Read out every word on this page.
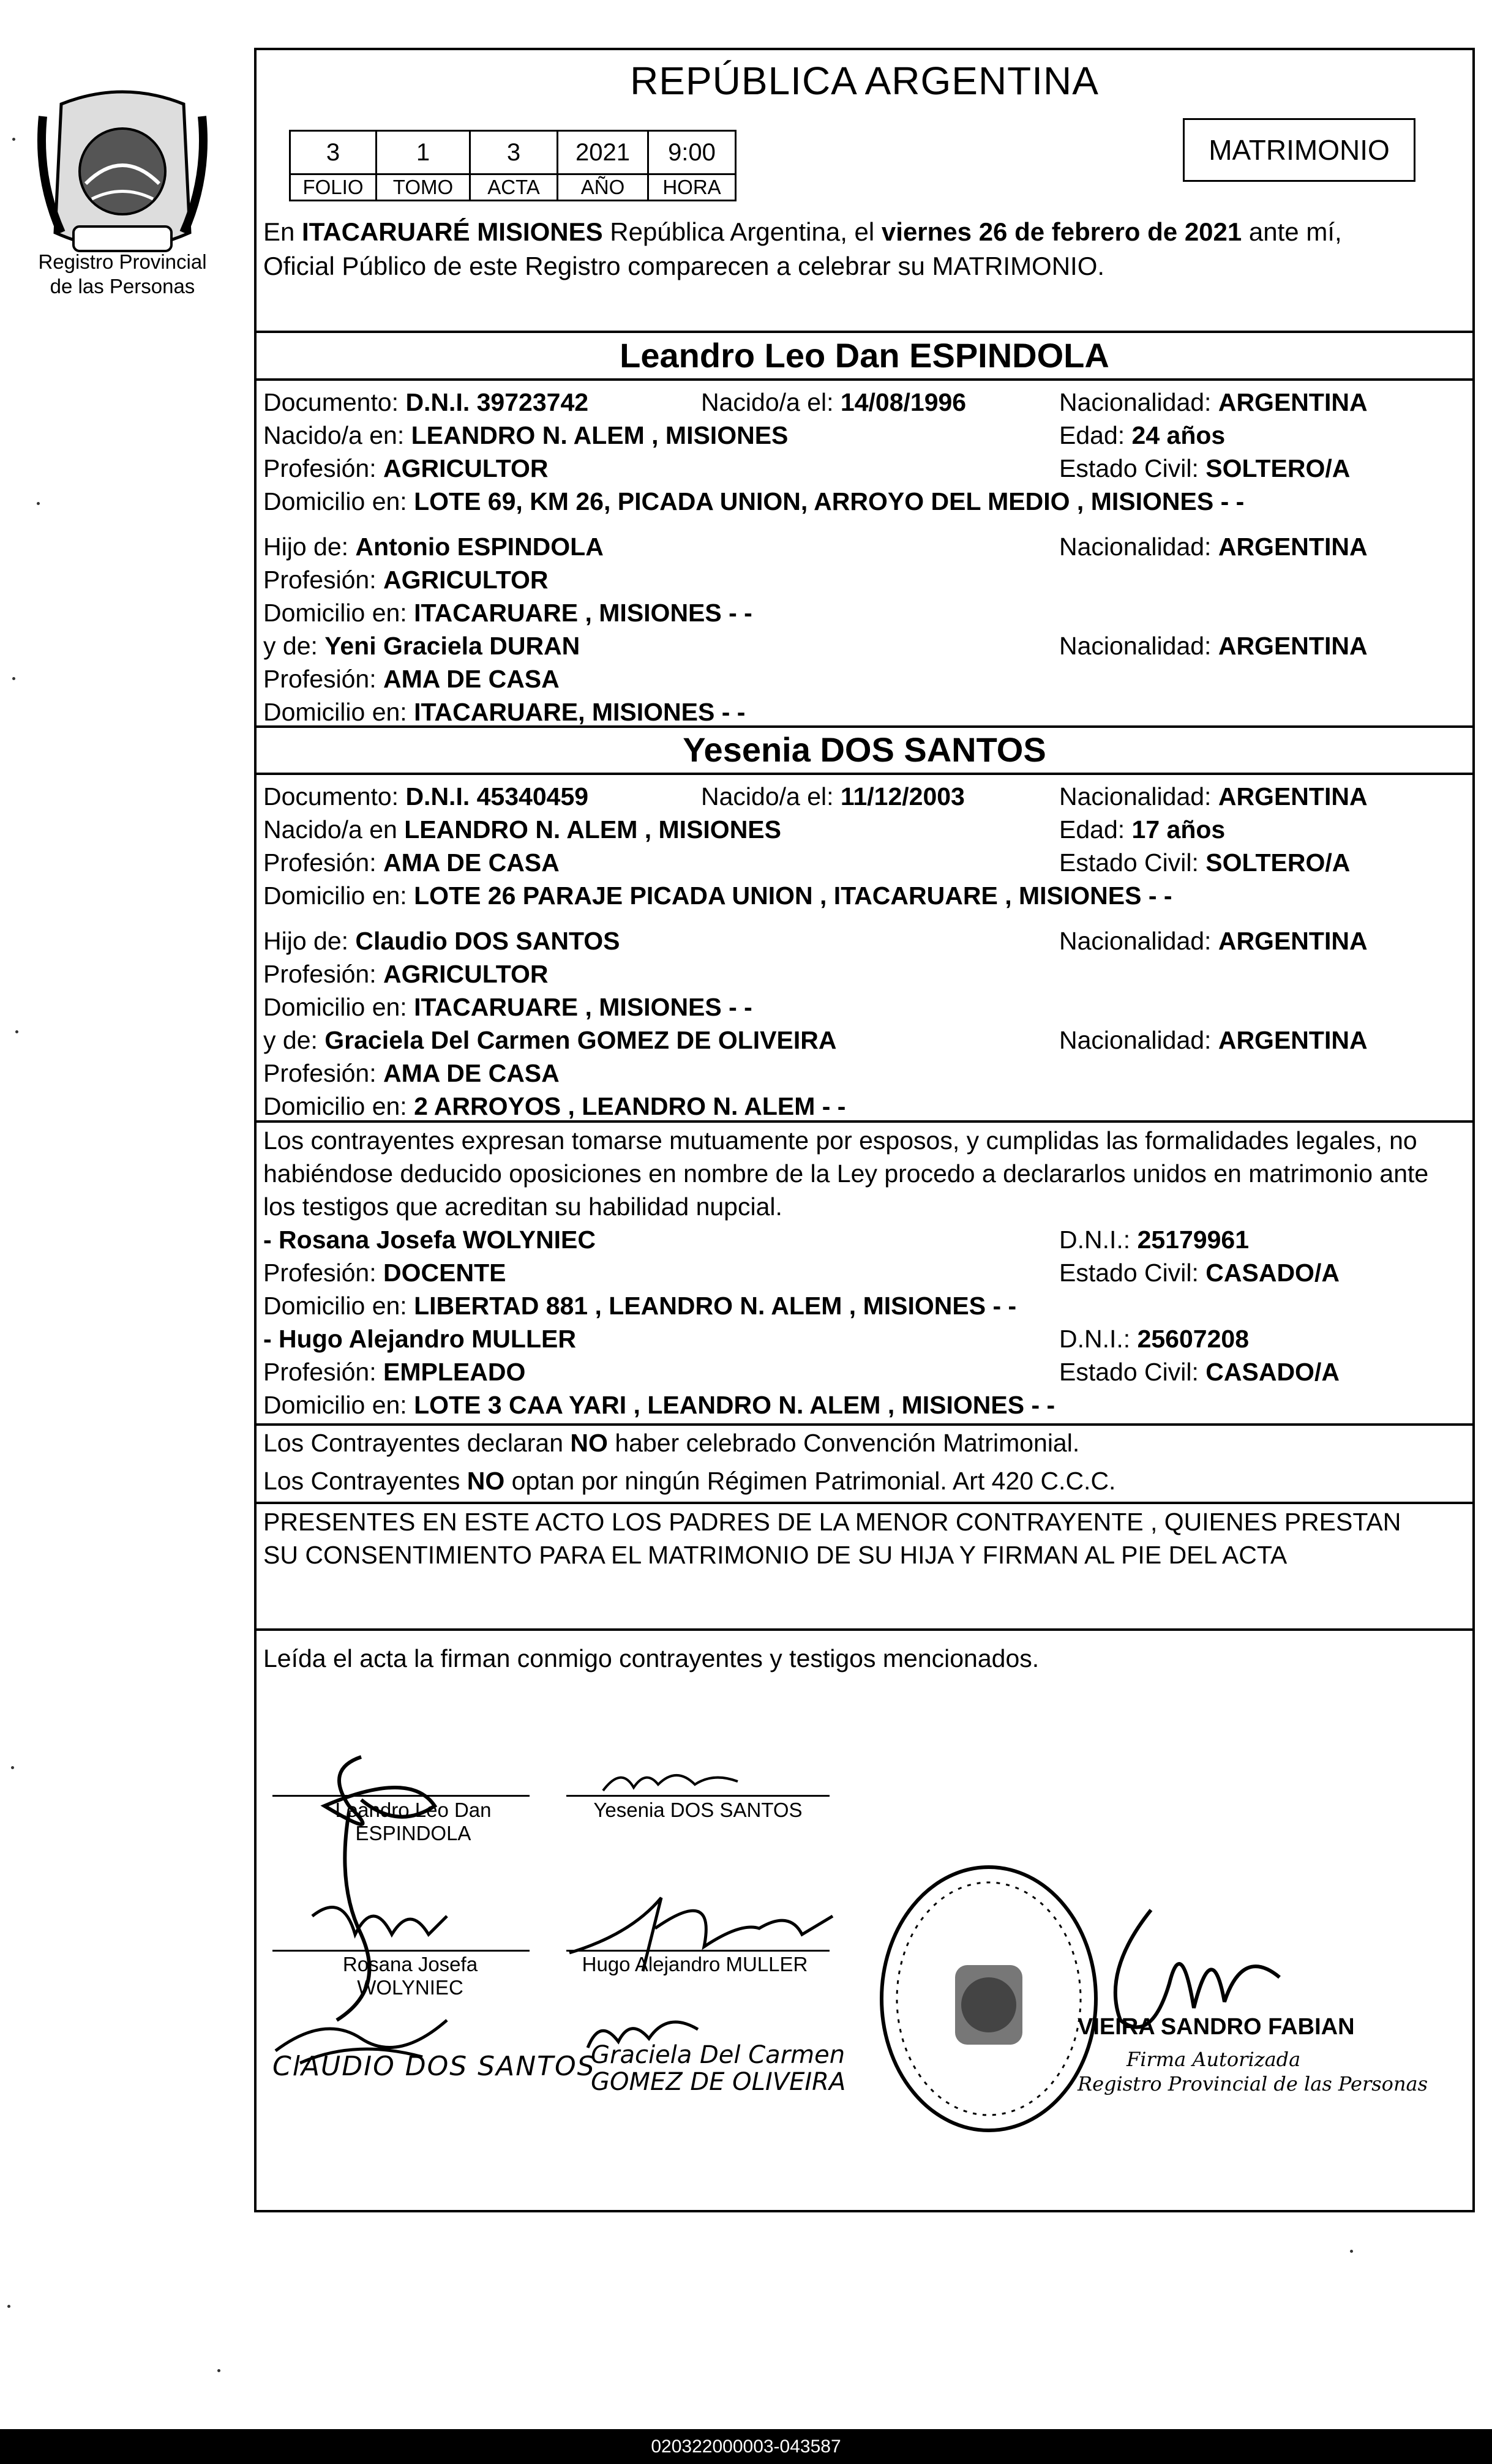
Registro Provincial
de las Personas
REPÚBLICA ARGENTINA
3	1	3	2021	9:00
FOLIO	TOMO	ACTA	AÑO	HORA
MATRIMONIO
En ITACARUARÉ MISIONES República Argentina, el viernes 26 de febrero de 2021 ante mí,
Oficial Público de este Registro comparecen a celebrar su MATRIMONIO.
Leandro Leo Dan ESPINDOLA
Documento: D.N.I. 39723742	Nacido/a el: 14/08/1996	Nacionalidad: ARGENTINA
Nacido/a en: LEANDRO N. ALEM , MISIONES	Edad: 24 años
Profesión: AGRICULTOR	Estado Civil: SOLTERO/A
Domicilio en: LOTE 69, KM 26, PICADA UNION, ARROYO DEL MEDIO , MISIONES - -
Hijo de: Antonio ESPINDOLA	Nacionalidad: ARGENTINA
Profesión: AGRICULTOR
Domicilio en: ITACARUARE , MISIONES - -
y de: Yeni Graciela DURAN	Nacionalidad: ARGENTINA
Profesión: AMA DE CASA
Domicilio en: ITACARUARE, MISIONES - -
Yesenia DOS SANTOS
Documento: D.N.I. 45340459	Nacido/a el: 11/12/2003	Nacionalidad: ARGENTINA
Nacido/a en LEANDRO N. ALEM , MISIONES	Edad: 17 años
Profesión: AMA DE CASA	Estado Civil: SOLTERO/A
Domicilio en: LOTE 26 PARAJE PICADA UNION , ITACARUARE , MISIONES - -
Hijo de: Claudio DOS SANTOS	Nacionalidad: ARGENTINA
Profesión: AGRICULTOR
Domicilio en: ITACARUARE , MISIONES - -
y de: Graciela Del Carmen GOMEZ DE OLIVEIRA	Nacionalidad: ARGENTINA
Profesión: AMA DE CASA
Domicilio en: 2 ARROYOS , LEANDRO N. ALEM - -
Los contrayentes expresan tomarse mutuamente por esposos, y cumplidas las formalidades legales, no
habiéndose deducido oposiciones en nombre de la Ley procedo a declararlos unidos en matrimonio ante
los testigos que acreditan su habilidad nupcial.
- Rosana Josefa WOLYNIEC	D.N.I.: 25179961
Profesión: DOCENTE	Estado Civil: CASADO/A
Domicilio en: LIBERTAD 881 , LEANDRO N. ALEM , MISIONES - -
- Hugo Alejandro MULLER	D.N.I.: 25607208
Profesión: EMPLEADO	Estado Civil: CASADO/A
Domicilio en: LOTE 3 CAA YARI , LEANDRO N. ALEM , MISIONES - -
Los Contrayentes declaran NO haber celebrado Convención Matrimonial.
Los Contrayentes NO optan por ningún Régimen Patrimonial. Art 420 C.C.C.
PRESENTES EN ESTE ACTO LOS PADRES DE LA MENOR CONTRAYENTE , QUIENES PRESTAN
SU CONSENTIMIENTO PARA EL MATRIMONIO DE SU HIJA Y FIRMAN AL PIE DEL ACTA
Leída el acta la firman conmigo contrayentes y testigos mencionados.
Leandro Leo Dan
ESPINDOLA
Yesenia DOS SANTOS
Rosana Josefa
WOLYNIEC
Hugo Alejandro MULLER
ClAUDIO DOS SANTOS
Graciela Del Carmen
GOMEZ DE OLIVEIRA
VIEIRA SANDRO FABIAN
Firma Autorizada
Registro Provincial de las Personas
020322000003-043587
